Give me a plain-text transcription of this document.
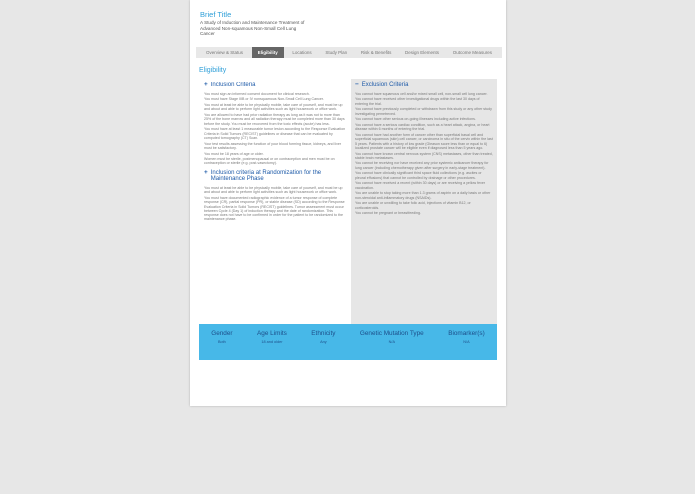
Brief Title
A Study of Induction and Maintenance Treatment of Advanced Non-squamous Non-Small Cell Lung Cancer
Overview & Status	Eligibility	Locations	Study Plan	Risk & Benefits	Design Elements	Outcome Measures
Eligibility
+ Inclusion Criteria
You must sign an informed consent document for clinical research.
You must have Stage IIIB or IV nonsquamous Non-Small Cell Lung Cancer.
You must at least be able to be physically mobile, take care of yourself, and must be up and about and able to perform light activities such as light housework or office work.
You are allowed to have had prior radiation therapy as long as it was not to more than 25% of the bone marrow and all radiation therapy must be completed more than 30 days before the study. You must be recovered from the toxic effects (acute) has less.
You must have at least 1 measurable tumor lesion according to the Response Evaluation Criteria in Solid Tumors (RECIST) guidelines or disease that can be evaluated by computed tomography (CT) Scan.
Your test results assessing the function of your blood forming tissue, kidneys, and liver must be satisfactory.
You must be 18 years of age or older.
Women must be sterile, postmenopausal or on contraception and men must be on contraception or sterile (e.g. post-vasectomy).
+ Inclusion criteria at Randomization for the Maintenance Phase
You must at least be able to be physically mobile, take care of yourself, and must be up and about and able to perform light activities such as light housework or office work.
You must have documented radiographic evidence of a tumor response of complete response (CR), partial response (PR), or stable disease (SD) according to the Response Evaluation Criteria in Solid Tumors (RECIST) guidelines. Tumor assessment must occur between Cycle 4 (Day 1) of induction therapy and the date of randomization. This response does not have to be confirmed in order for the patient to be randomized to the maintenance phase.
− Exclusion Criteria
You cannot have squamous cell and/or mixed small cell, non-small cell lung cancer.
You cannot have received other investigational drugs within the last 30 days of entering the trial.
You cannot have previously completed or withdrawn from this study or any other study investigating pemetrexed.
You cannot have other serious on-going illnesses including active infections.
You cannot have a serious cardiac condition, such as a heart attack, angina, or heart disease within 6 months of entering the trial.
You cannot have had another form of cancer other than superficial basal cell and superficial squamous (skin) cell cancer, or carcinoma in situ of the cervix within the last 5 years. Patients with a history of low grade (Gleason score less than or equal to 6) localized prostate cancer will be eligible even if diagnosed less than 5 years ago.
You cannot have known central nervous system (CNS) metastases, other than treated, stable brain metastases.
You cannot be receiving nor have received any prior systemic anticancer therapy for lung cancer (including chemotherapy given after surgery in early-stage treatment).
You cannot have clinically significant third space fluid collections (e.g. ascites or pleural effusions) that cannot be controlled by drainage or other procedures.
You cannot have received a recent (within 30 days) or are receiving a yellow fever vaccination.
You are unable to stop taking more than 1.3 grams of aspirin on a daily basis or other non-steroidal anti-inflammatory drugs (NSAIDs).
You are unable or unwilling to take folic acid, injections of vitamin B12, or corticosteroids.
You cannot be pregnant or breastfeeding.
Gender
Both
Age Limits
18 and older
Ethnicity
Any
Genetic Mutation Type
N/A
Biomarker(s)
N/A
